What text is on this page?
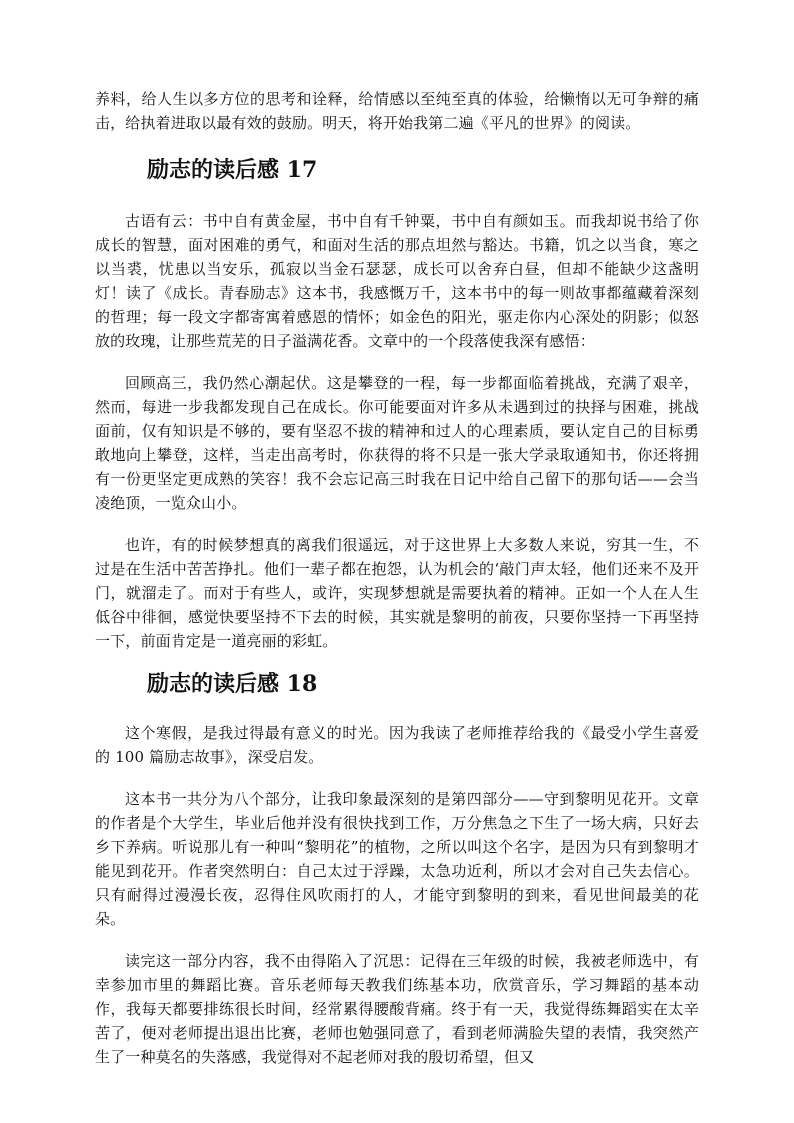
养料，给人生以多方位的思考和诠释，给情感以至纯至真的体验，给懒惰以无可争辩的痛击，给执着进取以最有效的鼓励。明天，将开始我第二遍《平凡的世界》的阅读。

励志的读后感 17

古语有云：书中自有黄金屋，书中自有千钟粟，书中自有颜如玉。而我却说书给了你成长的智慧，面对困难的勇气，和面对生活的那点坦然与豁达。书籍，饥之以当食，寒之以当裘，忧患以当安乐，孤寂以当金石瑟瑟，成长可以舍弃白昼，但却不能缺少这盏明灯！读了《成长。青春励志》这本书，我感慨万千，这本书中的每一则故事都蕴藏着深刻的哲理；每一段文字都寄寓着感恩的情怀；如金色的阳光，驱走你内心深处的阴影；似怒放的玫瑰，让那些荒芜的日子溢满花香。文章中的一个段落使我深有感悟：

回顾高三，我仍然心潮起伏。这是攀登的一程，每一步都面临着挑战，充满了艰辛，然而，每进一步我都发现自己在成长。你可能要面对许多从未遇到过的抉择与困难，挑战面前，仅有知识是不够的，要有坚忍不拔的精神和过人的心理素质，要认定自己的目标勇敢地向上攀登，这样，当走出高考时，你获得的将不只是一张大学录取通知书，你还将拥有一份更坚定更成熟的笑容！我不会忘记高三时我在日记中给自己留下的那句话——会当凌绝顶，一览众山小。

也许，有的时候梦想真的离我们很遥远，对于这世界上大多数人来说，穷其一生，不过是在生活中苦苦挣扎。他们一辈子都在抱怨，认为机会的‘敲门声太轻，他们还来不及开门，就溜走了。而对于有些人，或许，实现梦想就是需要执着的精神。正如一个人在人生低谷中徘徊，感觉快要坚持不下去的时候，其实就是黎明的前夜，只要你坚持一下再坚持一下，前面肯定是一道亮丽的彩虹。

励志的读后感 18

这个寒假，是我过得最有意义的时光。因为我读了老师推荐给我的《最受小学生喜爱的 100 篇励志故事》，深受启发。

这本书一共分为八个部分，让我印象最深刻的是第四部分——守到黎明见花开。文章的作者是个大学生，毕业后他并没有很快找到工作，万分焦急之下生了一场大病，只好去乡下养病。听说那儿有一种叫“黎明花”的植物，之所以叫这个名字，是因为只有到黎明才能见到花开。作者突然明白：自己太过于浮躁，太急功近利，所以才会对自己失去信心。只有耐得过漫漫长夜，忍得住风吹雨打的人，才能守到黎明的到来，看见世间最美的花朵。

读完这一部分内容，我不由得陷入了沉思：记得在三年级的时候，我被老师选中，有幸参加市里的舞蹈比赛。音乐老师每天教我们练基本功，欣赏音乐，学习舞蹈的基本动作，我每天都要排练很长时间，经常累得腰酸背痛。终于有一天，我觉得练舞蹈实在太辛苦了，便对老师提出退出比赛，老师也勉强同意了，看到老师满脸失望的表情，我突然产生了一种莫名的失落感，我觉得对不起老师对我的殷切希望，但又
